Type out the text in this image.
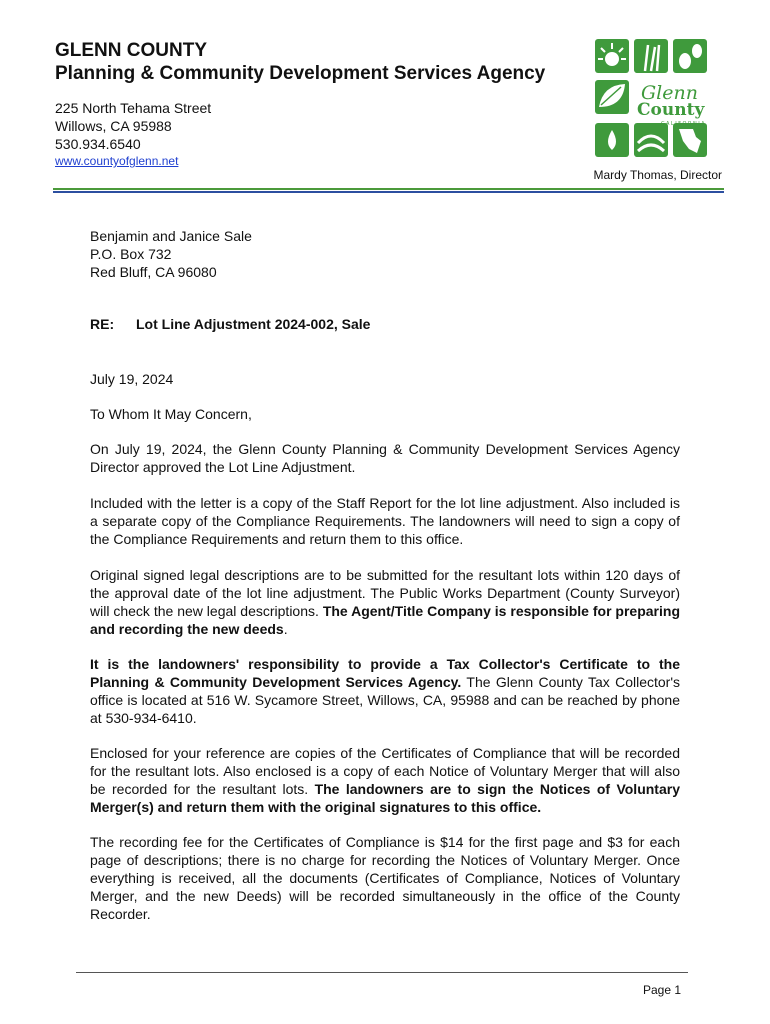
GLENN COUNTY
Planning & Community Development Services Agency
225 North Tehama Street
Willows, CA 95988
530.934.6540
www.countyofglenn.net
Mardy Thomas, Director
Glenn
County
Benjamin and Janice Sale
P.O. Box 732
Red Bluff, CA 96080
RE: Lot Line Adjustment 2024-002, Sale
July 19, 2024
To Whom It May Concern,
On July 19, 2024, the Glenn County Planning & Community Development Services Agency Director approved the Lot Line Adjustment.
Included with the letter is a copy of the Staff Report for the lot line adjustment. Also included is a separate copy of the Compliance Requirements. The landowners will need to sign a copy of the Compliance Requirements and return them to this office.
Original signed legal descriptions are to be submitted for the resultant lots within 120 days of the approval date of the lot line adjustment. The Public Works Department (County Surveyor) will check the new legal descriptions. The Agent/Title Company is responsible for preparing and recording the new deeds.
It is the landowners' responsibility to provide a Tax Collector's Certificate to the Planning & Community Development Services Agency. The Glenn County Tax Collector's office is located at 516 W. Sycamore Street, Willows, CA, 95988 and can be reached by phone at 530-934-6410.
Enclosed for your reference are copies of the Certificates of Compliance that will be recorded for the resultant lots. Also enclosed is a copy of each Notice of Voluntary Merger that will also be recorded for the resultant lots. The landowners are to sign the Notices of Voluntary Merger(s) and return them with the original signatures to this office.
The recording fee for the Certificates of Compliance is $14 for the first page and $3 for each page of descriptions; there is no charge for recording the Notices of Voluntary Merger. Once everything is received, all the documents (Certificates of Compliance, Notices of Voluntary Merger, and the new Deeds) will be recorded simultaneously in the office of the County Recorder.
Page 1
